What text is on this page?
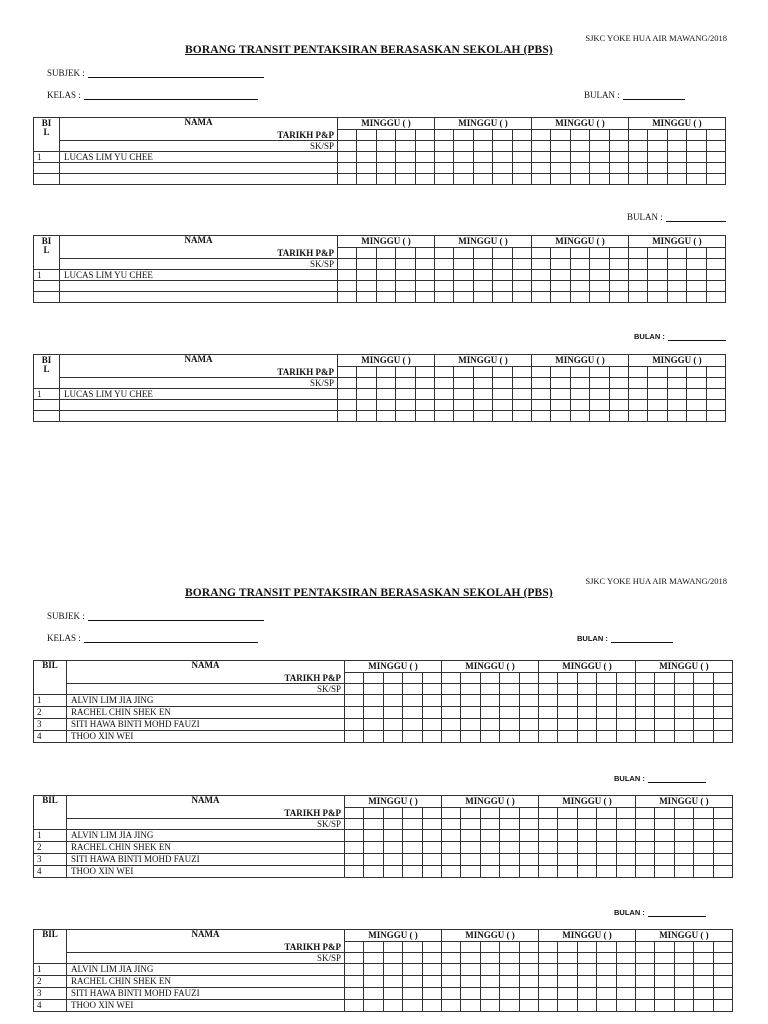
SJKC YOKE HUA AIR MAWANG/2018
BORANG TRANSIT PENTAKSIRAN BERASASKAN SEKOLAH (PBS)
SUBJEK :
KELAS :	BULAN :
BI L	NAMA	MINGGU ( )					MINGGU ( )					MINGGU ( )					MINGGU ( )				
	TARIKH P&P																				
	SK/SP																				
1	LUCAS LIM YU CHEE																				

BULAN :
BI L	NAMA	MINGGU ( )					MINGGU ( )					MINGGU ( )					MINGGU ( )				
	TARIKH P&P																				
	SK/SP																				
1	LUCAS LIM YU CHEE																				

BULAN :
BI L	NAMA	MINGGU ( )					MINGGU ( )					MINGGU ( )					MINGGU ( )				
	TARIKH P&P																				
	SK/SP																				
1	LUCAS LIM YU CHEE																				

SJKC YOKE HUA AIR MAWANG/2018
BORANG TRANSIT PENTAKSIRAN BERASASKAN SEKOLAH (PBS)
SUBJEK :
KELAS :	BULAN :
BIL	NAMA	MINGGU ( )					MINGGU ( )					MINGGU ( )					MINGGU ( )				
	TARIKH P&P																				
	SK/SP																				
1	ALVIN LIM JIA JING																				
2	RACHEL CHIN SHEK EN																				
3	SITI HAWA BINTI MOHD FAUZI																				
4	THOO XIN WEI																				
BULAN :
BIL	NAMA	MINGGU ( )					MINGGU ( )					MINGGU ( )					MINGGU ( )				
	TARIKH P&P																				
	SK/SP																				
1	ALVIN LIM JIA JING																				
2	RACHEL CHIN SHEK EN																				
3	SITI HAWA BINTI MOHD FAUZI																				
4	THOO XIN WEI																				
BULAN :
BIL	NAMA	MINGGU ( )					MINGGU ( )					MINGGU ( )					MINGGU ( )				
	TARIKH P&P																				
	SK/SP																				
1	ALVIN LIM JIA JING																				
2	RACHEL CHIN SHEK EN																				
3	SITI HAWA BINTI MOHD FAUZI																				
4	THOO XIN WEI																				
